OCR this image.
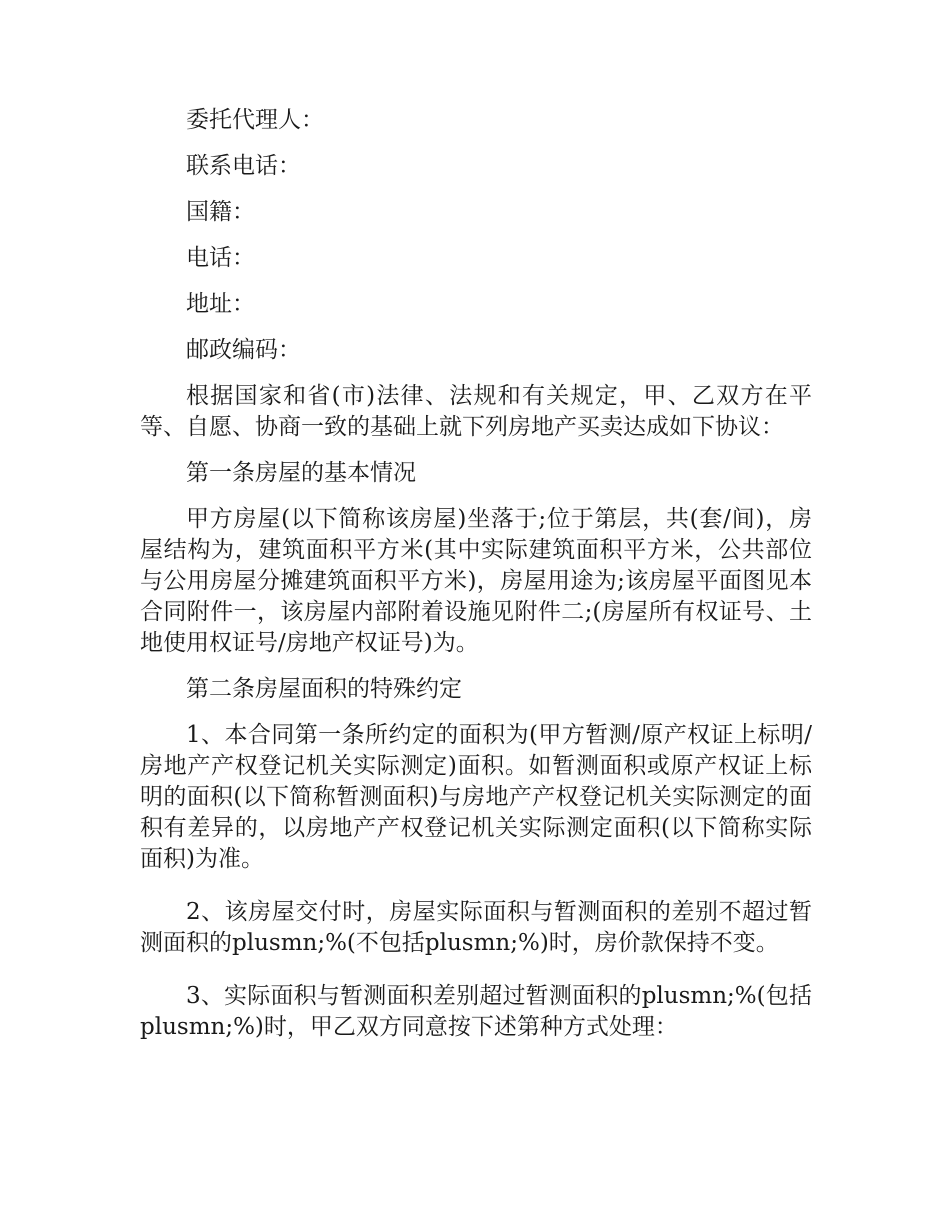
委托代理人：

联系电话：

国籍：

电话：

地址：

邮政编码：

根据国家和省(市)法律、法规和有关规定，甲、乙双方在平等、自愿、协商一致的基础上就下列房地产买卖达成如下协议：

第一条房屋的基本情况

甲方房屋(以下简称该房屋)坐落于;位于第层，共(套/间)，房屋结构为，建筑面积平方米(其中实际建筑面积平方米，公共部位与公用房屋分摊建筑面积平方米)，房屋用途为;该房屋平面图见本合同附件一，该房屋内部附着设施见附件二;(房屋所有权证号、土地使用权证号/房地产权证号)为。

第二条房屋面积的特殊约定

1、本合同第一条所约定的面积为(甲方暂测/原产权证上标明/房地产产权登记机关实际测定)面积。如暂测面积或原产权证上标明的面积(以下简称暂测面积)与房地产产权登记机关实际测定的面积有差异的，以房地产产权登记机关实际测定面积(以下简称实际面积)为准。

2、该房屋交付时，房屋实际面积与暂测面积的差别不超过暂测面积的plusmn;%(不包括plusmn;%)时，房价款保持不变。

3、实际面积与暂测面积差别超过暂测面积的plusmn;%(包括plusmn;%)时，甲乙双方同意按下述第种方式处理：
